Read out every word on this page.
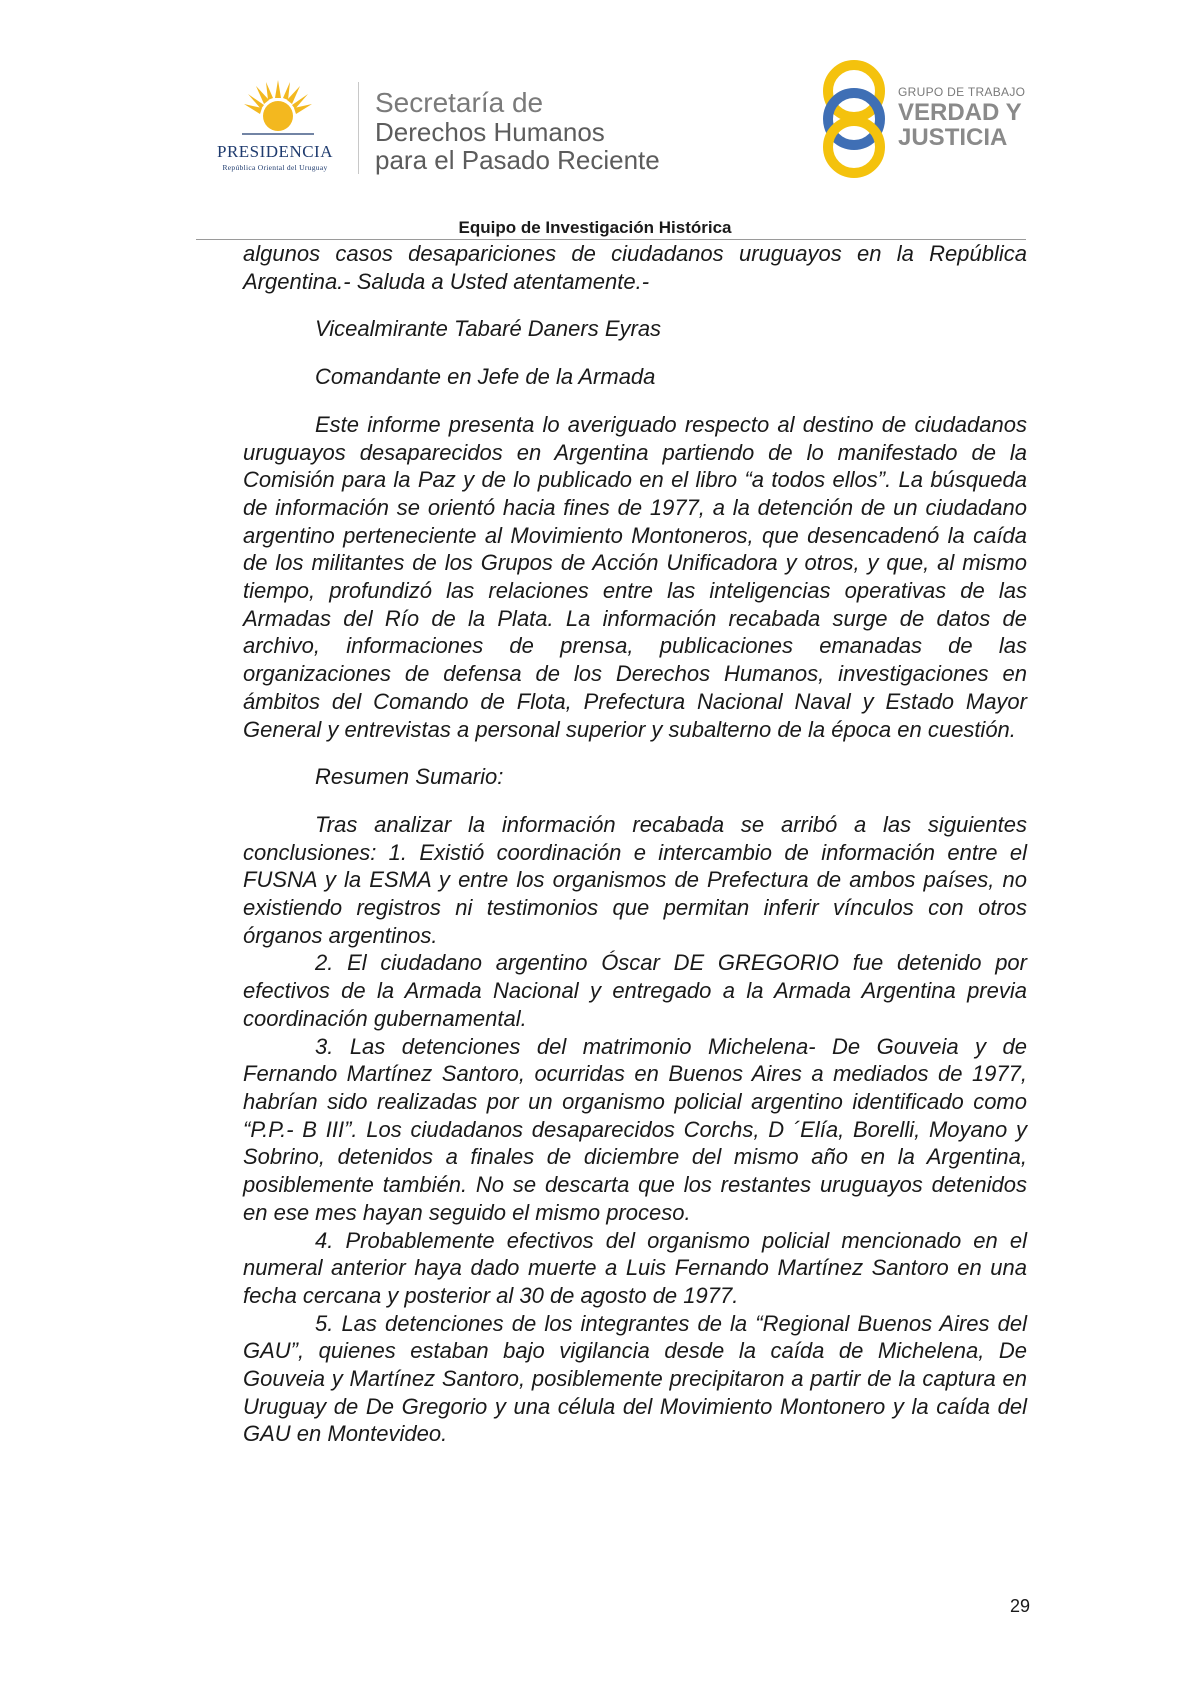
PRESIDENCIA
República Oriental del Uruguay
Secretaría de
Derechos Humanos
para el Pasado Reciente
GRUPO DE TRABAJO
VERDAD Y
JUSTICIA
Equipo de Investigación Histórica

algunos casos desapariciones de ciudadanos uruguayos en la República Argentina.- Saluda a Usted atentamente.-

Vicealmirante Tabaré Daners Eyras

Comandante en Jefe de la Armada

Este informe presenta lo averiguado respecto al destino de ciudadanos uruguayos desaparecidos en Argentina partiendo de lo manifestado de la Comisión para la Paz y de lo publicado en el libro “a todos ellos”. La búsqueda de información se orientó hacia fines de 1977, a la detención de un ciudadano argentino perteneciente al Movimiento Montoneros, que desencadenó la caída de los militantes de los Grupos de Acción Unificadora y otros, y que, al mismo tiempo, profundizó las relaciones entre las inteligencias operativas de las Armadas del Río de la Plata. La información recabada surge de datos de archivo, informaciones de prensa, publicaciones emanadas de las organizaciones de defensa de los Derechos Humanos, investigaciones en ámbitos del Comando de Flota, Prefectura Nacional Naval y Estado Mayor General y entrevistas a personal superior y subalterno de la época en cuestión.

Resumen Sumario:

Tras analizar la información recabada se arribó a las siguientes conclusiones: 1. Existió coordinación e intercambio de información entre el FUSNA y la ESMA y entre los organismos de Prefectura de ambos países, no existiendo registros ni testimonios que permitan inferir vínculos con otros órganos argentinos.

2. El ciudadano argentino Óscar DE GREGORIO fue detenido por efectivos de la Armada Nacional y entregado a la Armada Argentina previa coordinación gubernamental.

3. Las detenciones del matrimonio Michelena- De Gouveia y de Fernando Martínez Santoro, ocurridas en Buenos Aires a mediados de 1977, habrían sido realizadas por un organismo policial argentino identificado como “P.P.- B III”. Los ciudadanos desaparecidos Corchs, D ´Elía, Borelli, Moyano y Sobrino, detenidos a finales de diciembre del mismo año en la Argentina, posiblemente también. No se descarta que los restantes uruguayos detenidos en ese mes hayan seguido el mismo proceso.

4. Probablemente efectivos del organismo policial mencionado en el numeral anterior haya dado muerte a Luis Fernando Martínez Santoro en una fecha cercana y posterior al 30 de agosto de 1977.

5. Las detenciones de los integrantes de la “Regional Buenos Aires del GAU”, quienes estaban bajo vigilancia desde la caída de Michelena, De Gouveia y Martínez Santoro, posiblemente precipitaron a partir de la captura en Uruguay de De Gregorio y una célula del Movimiento Montonero y la caída del GAU en Montevideo.

29
